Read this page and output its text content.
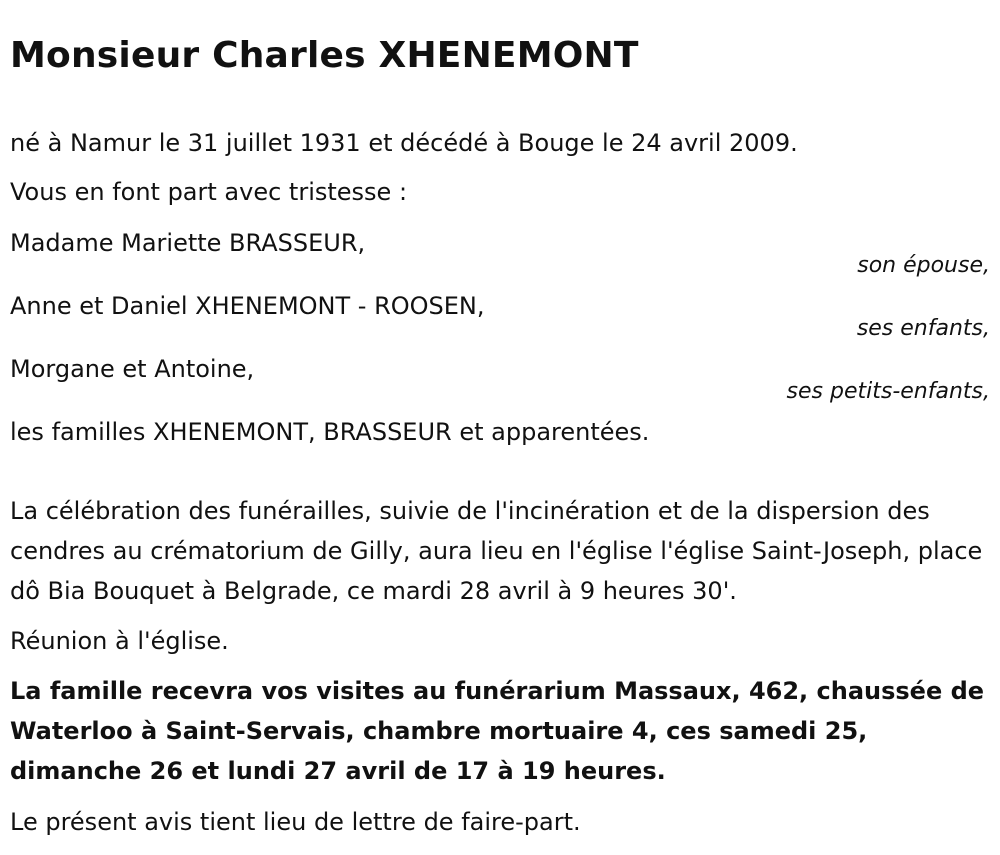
Monsieur Charles XHENEMONT
né à Namur le 31 juillet 1931 et décédé à Bouge le 24 avril 2009.
Vous en font part avec tristesse :
Madame Mariette BRASSEUR,
son épouse,
Anne et Daniel XHENEMONT - ROOSEN,
ses enfants,
Morgane et Antoine,
ses petits-enfants,
les familles XHENEMONT, BRASSEUR et apparentées.
La célébration des funérailles, suivie de l'incinération et de la dispersion des cendres au crématorium de Gilly, aura lieu en l'église l'église Saint-Joseph, place dô Bia Bouquet à Belgrade, ce mardi 28 avril à 9 heures 30'.
Réunion à l'église.
La famille recevra vos visites au funérarium Massaux, 462, chaussée de Waterloo à Saint-Servais, chambre mortuaire 4, ces samedi 25, dimanche 26 et lundi 27 avril de 17 à 19 heures.
Le présent avis tient lieu de lettre de faire-part.
